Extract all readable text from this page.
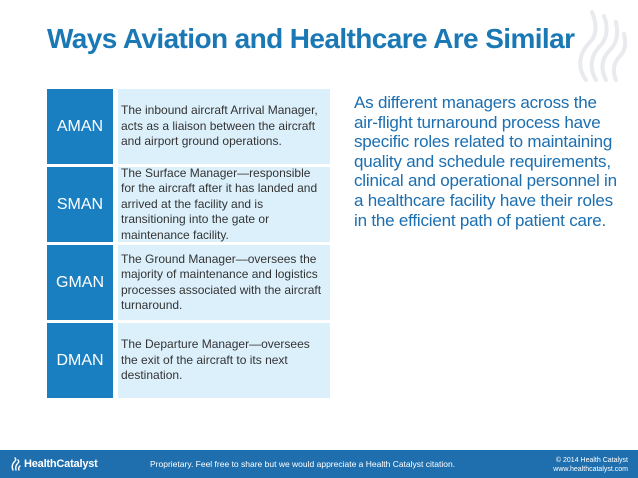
Ways Aviation and Healthcare Are Similar
AMAN
The inbound aircraft Arrival Manager, acts as a liaison between the aircraft and airport ground operations.
SMAN
The Surface Manager—responsible for the aircraft after it has landed and arrived at the facility and is transitioning into the gate or maintenance facility.
GMAN
The Ground Manager—oversees the majority of maintenance and logistics processes associated with the aircraft turnaround.
DMAN
The Departure Manager—oversees the exit of the aircraft to its next destination.
As different managers across the air-flight turnaround process have specific roles related to maintaining quality and schedule requirements, clinical and operational personnel in a healthcare facility have their roles in the efficient path of patient care.
HealthCatalyst	Proprietary. Feel free to share but we would appreciate a Health Catalyst citation.	© 2014 Health Catalyst
www.healthcatalyst.com
